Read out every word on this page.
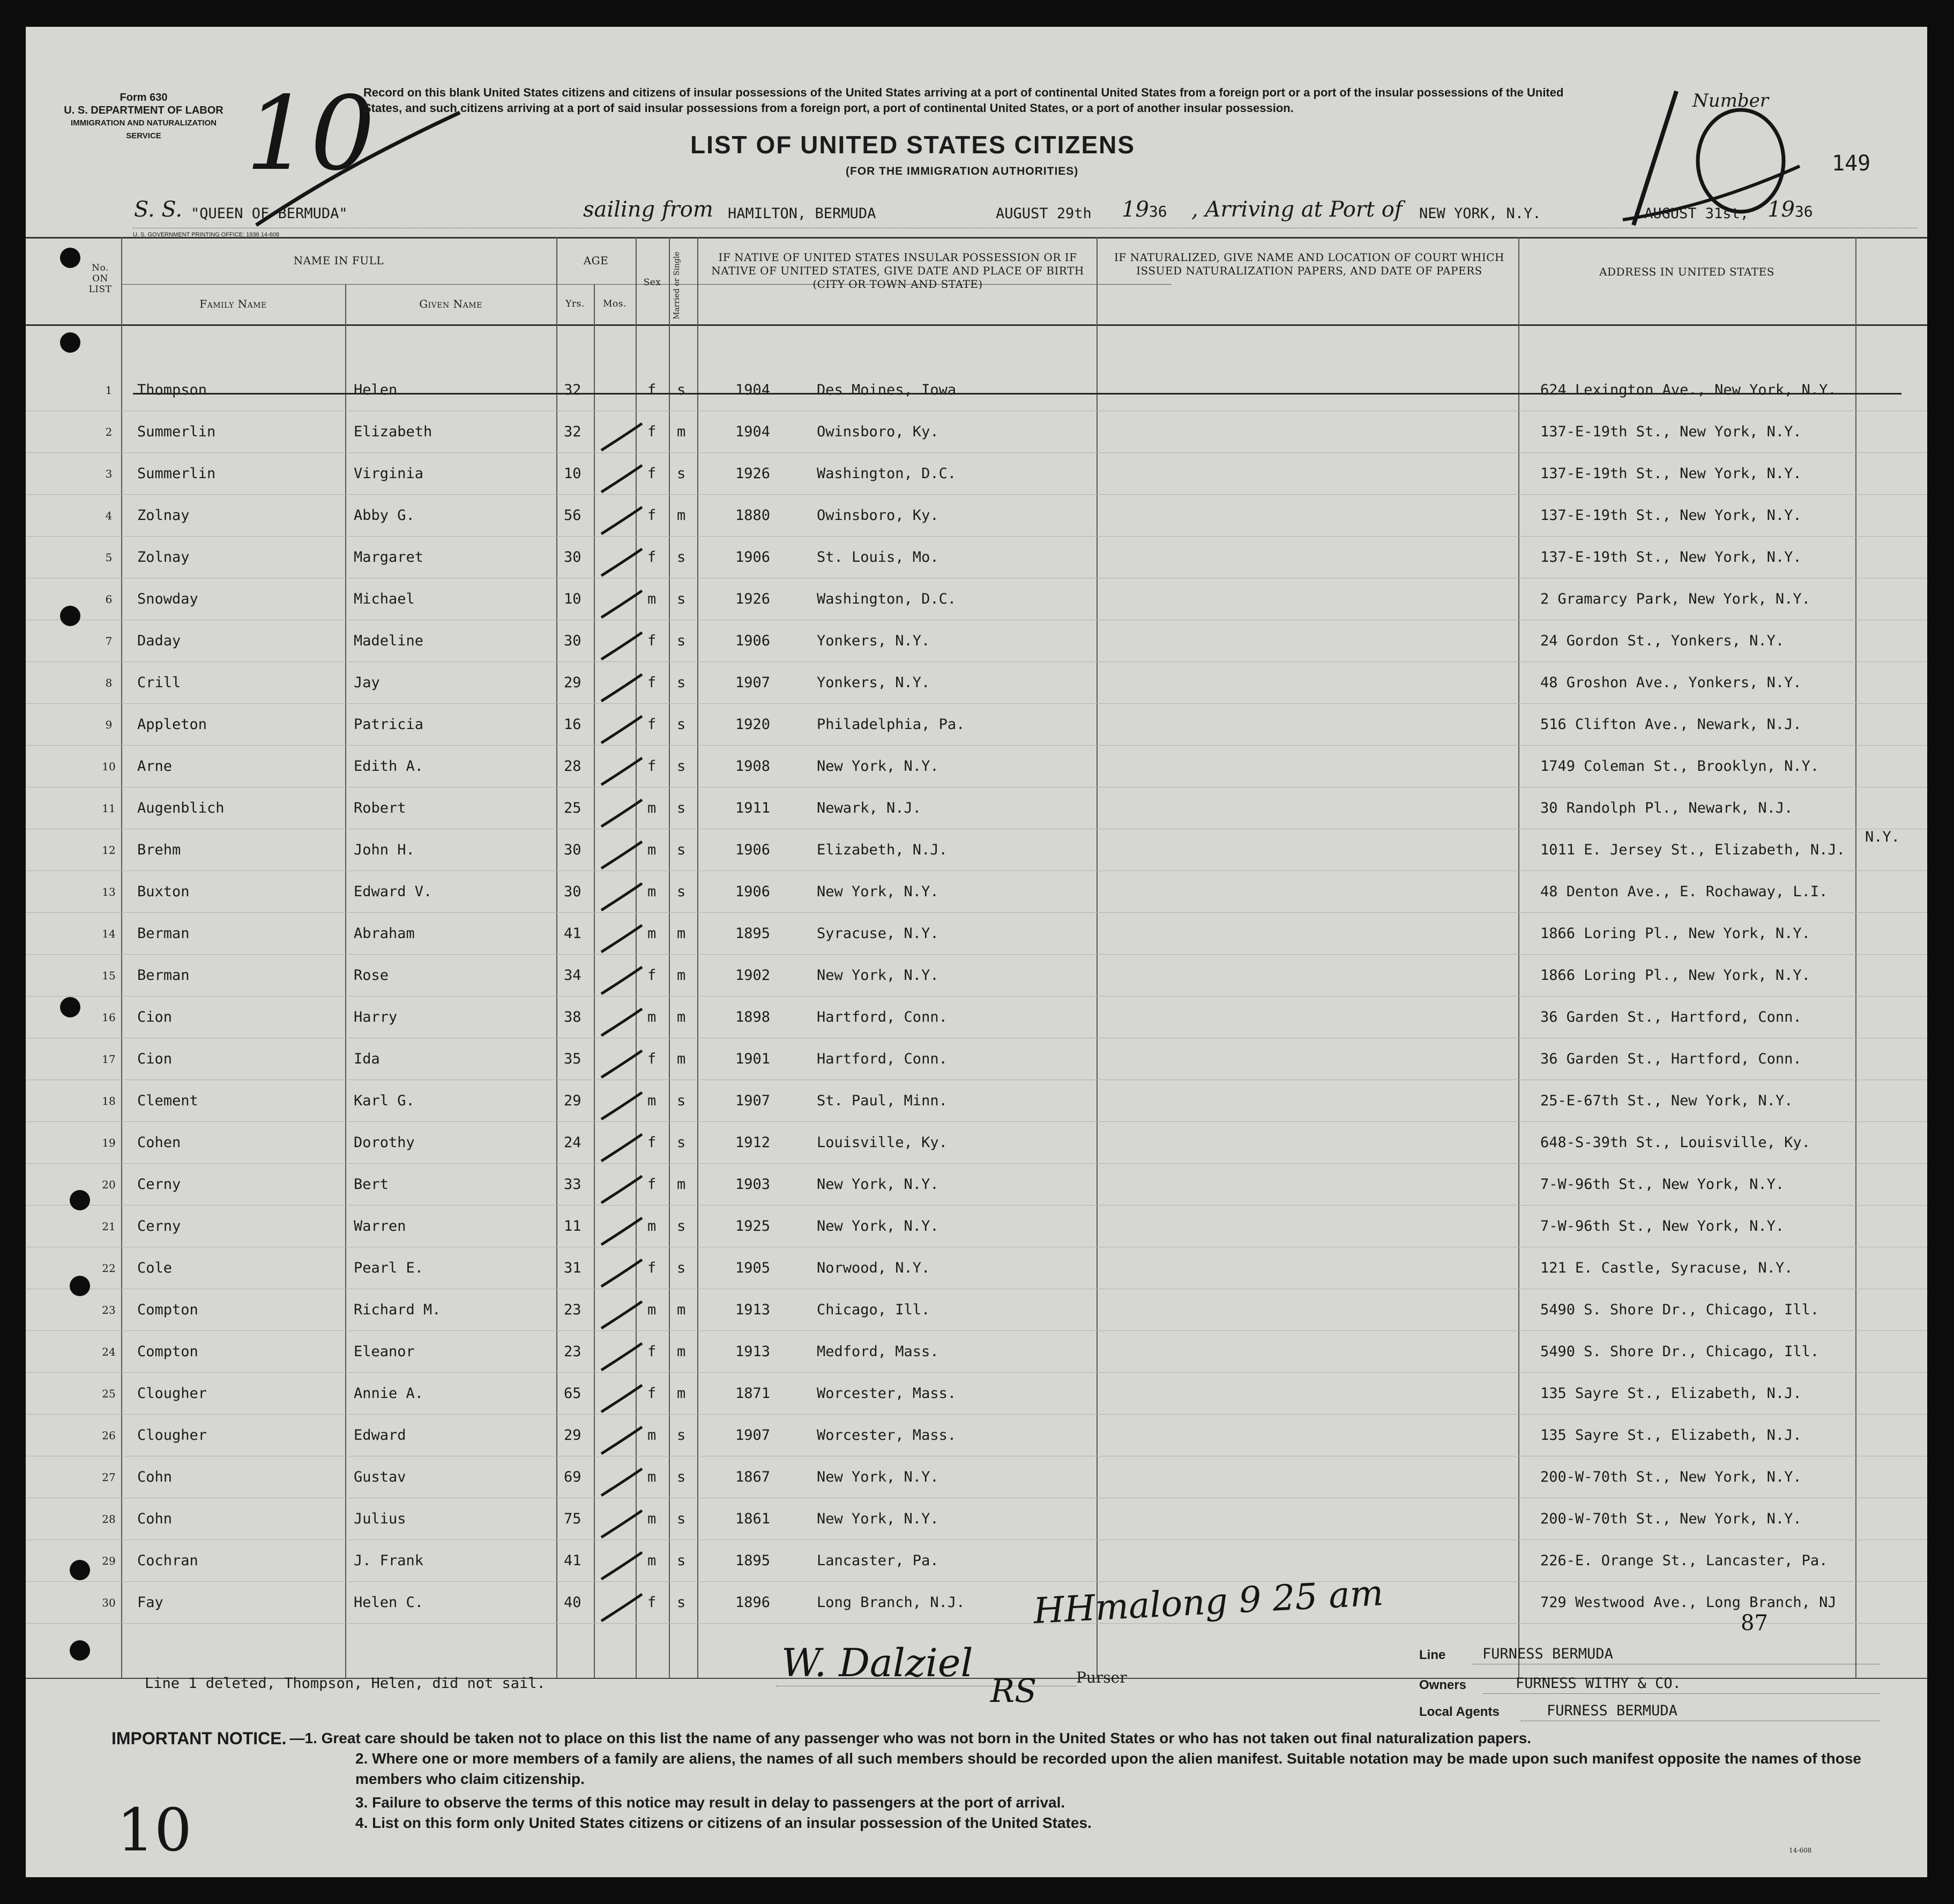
Form 630
U. S. DEPARTMENT OF LABOR
IMMIGRATION AND NATURALIZATION SERVICE 10
Record on this blank United States citizens and citizens of insular possessions of the United States arriving at a port of continental United States from a foreign port or a port of the insular possessions of the United States, and such citizens arriving at a port of said insular possessions from a foreign port, a port of continental United States, or a port of another insular possession.
LIST OF UNITED STATES CITIZENS
(FOR THE IMMIGRATION AUTHORITIES)
Number
149
S. S. "QUEEN OF BERMUDA"	sailing from HAMILTON, BERMUDA	AUGUST 29th 1936 , Arriving at Port of NEW YORK, N.Y.	AUGUST 31st, 1936
U. S. GOVERNMENT PRINTING OFFICE: 1936 14-608
No.
ON
LIST
NAME IN FULL
Family Name	Given Name
AGE
Yrs.	Mos.
Sex	Married or Single	IF NATIVE OF UNITED STATES INSULAR POSSESSION OR IF NATIVE OF UNITED STATES, GIVE DATE AND PLACE OF BIRTH (CITY OR TOWN AND STATE)
IF NATURALIZED, GIVE NAME AND LOCATION OF COURT WHICH ISSUED NATURALIZATION PAPERS, AND DATE OF PAPERS	ADDRESS IN UNITED STATES
1	Thompson	Helen	32	f s	1904	Des Moines, Iowa	624 Lexington Ave., New York, N.Y.
2	Summerlin	Elizabeth	32	f m	1904	Owinsboro, Ky.	137-E-19th St., New York, N.Y.
3	Summerlin	Virginia	10	f s	1926	Washington, D.C.	137-E-19th St., New York, N.Y.
4	Zolnay	Abby G.	56	f m	1880	Owinsboro, Ky.	137-E-19th St., New York, N.Y.
5	Zolnay	Margaret	30	f s	1906	St. Louis, Mo.	137-E-19th St., New York, N.Y.
6	Snowday	Michael	10	m s	1926	Washington, D.C.	2 Gramarcy Park, New York, N.Y.
7	Daday	Madeline	30	f s	1906	Yonkers, N.Y.	24 Gordon St., Yonkers, N.Y.
8	Crill	Jay	29	f s	1907	Yonkers, N.Y.	48 Groshon Ave., Yonkers, N.Y.
9	Appleton	Patricia	16	f s	1920	Philadelphia, Pa.	516 Clifton Ave., Newark, N.J.
10	Arne	Edith A.	28	f s	1908	New York, N.Y.	1749 Coleman St., Brooklyn, N.Y.
11	Augenblich	Robert	25	m s	1911	Newark, N.J.	30 Randolph Pl., Newark, N.J.
12	Brehm	John H.	30	m s	1906	Elizabeth, N.J.	1011 E. Jersey St., Elizabeth, N.J.
13	Buxton	Edward V.	30	m s	1906	New York, N.Y.	48 Denton Ave., E. Rochaway, L.I.
14	Berman	Abraham	41	m m	1895	Syracuse, N.Y.	1866 Loring Pl., New York, N.Y.
15	Berman	Rose	34	f m	1902	New York, N.Y.	1866 Loring Pl., New York, N.Y.
16	Cion	Harry	38	m m	1898	Hartford, Conn.	36 Garden St., Hartford, Conn.
17	Cion	Ida	35	f m	1901	Hartford, Conn.	36 Garden St., Hartford, Conn.
18	Clement	Karl G.	29	m s	1907	St. Paul, Minn.	25-E-67th St., New York, N.Y.
19	Cohen	Dorothy	24	f s	1912	Louisville, Ky.	648-S-39th St., Louisville, Ky.
20	Cerny	Bert	33	f m	1903	New York, N.Y.	7-W-96th St., New York, N.Y.
21	Cerny	Warren	11	m s	1925	New York, N.Y.	7-W-96th St., New York, N.Y.
22	Cole	Pearl E.	31	f s	1905	Norwood, N.Y.	121 E. Castle, Syracuse, N.Y.
23	Compton	Richard M.	23	m m	1913	Chicago, Ill.	5490 S. Shore Dr., Chicago, Ill.
24	Compton	Eleanor	23	f m	1913	Medford, Mass.	5490 S. Shore Dr., Chicago, Ill.
25	Clougher	Annie A.	65	f m	1871	Worcester, Mass.	135 Sayre St., Elizabeth, N.J.
26	Clougher	Edward	29	m s	1907	Worcester, Mass.	135 Sayre St., Elizabeth, N.J.
27	Cohn	Gustav	69	m s	1867	New York, N.Y.	200-W-70th St., New York, N.Y.
28	Cohn	Julius	75	m s	1861	New York, N.Y.	200-W-70th St., New York, N.Y.
29	Cochran	J. Frank	41	m s	1895	Lancaster, Pa.	226-E. Orange St., Lancaster, Pa.
30	Fay	Helen C.	40	f s	1896	Long Branch, N.J.	729 Westwood Ave., Long Branch, NJ
N.Y.
HHmalong 9 25 am	87
Line 1 deleted, Thompson, Helen, did not sail.	W. Dalziel	Purser
RS
Line	FURNESS BERMUDA
Owners	FURNESS WITHY & CO.
Local Agents	FURNESS BERMUDA
IMPORTANT NOTICE. —1. Great care should be taken not to place on this list the name of any passenger who was not born in the United States or who has not taken out final naturalization papers.
2. Where one or more members of a family are aliens, the names of all such members should be recorded upon the alien manifest. Suitable notation may be made upon such manifest opposite the names of those members who claim citizenship.
3. Failure to observe the terms of this notice may result in delay to passengers at the port of arrival.
4. List on this form only United States citizens or citizens of an insular possession of the United States.
10	14-608
